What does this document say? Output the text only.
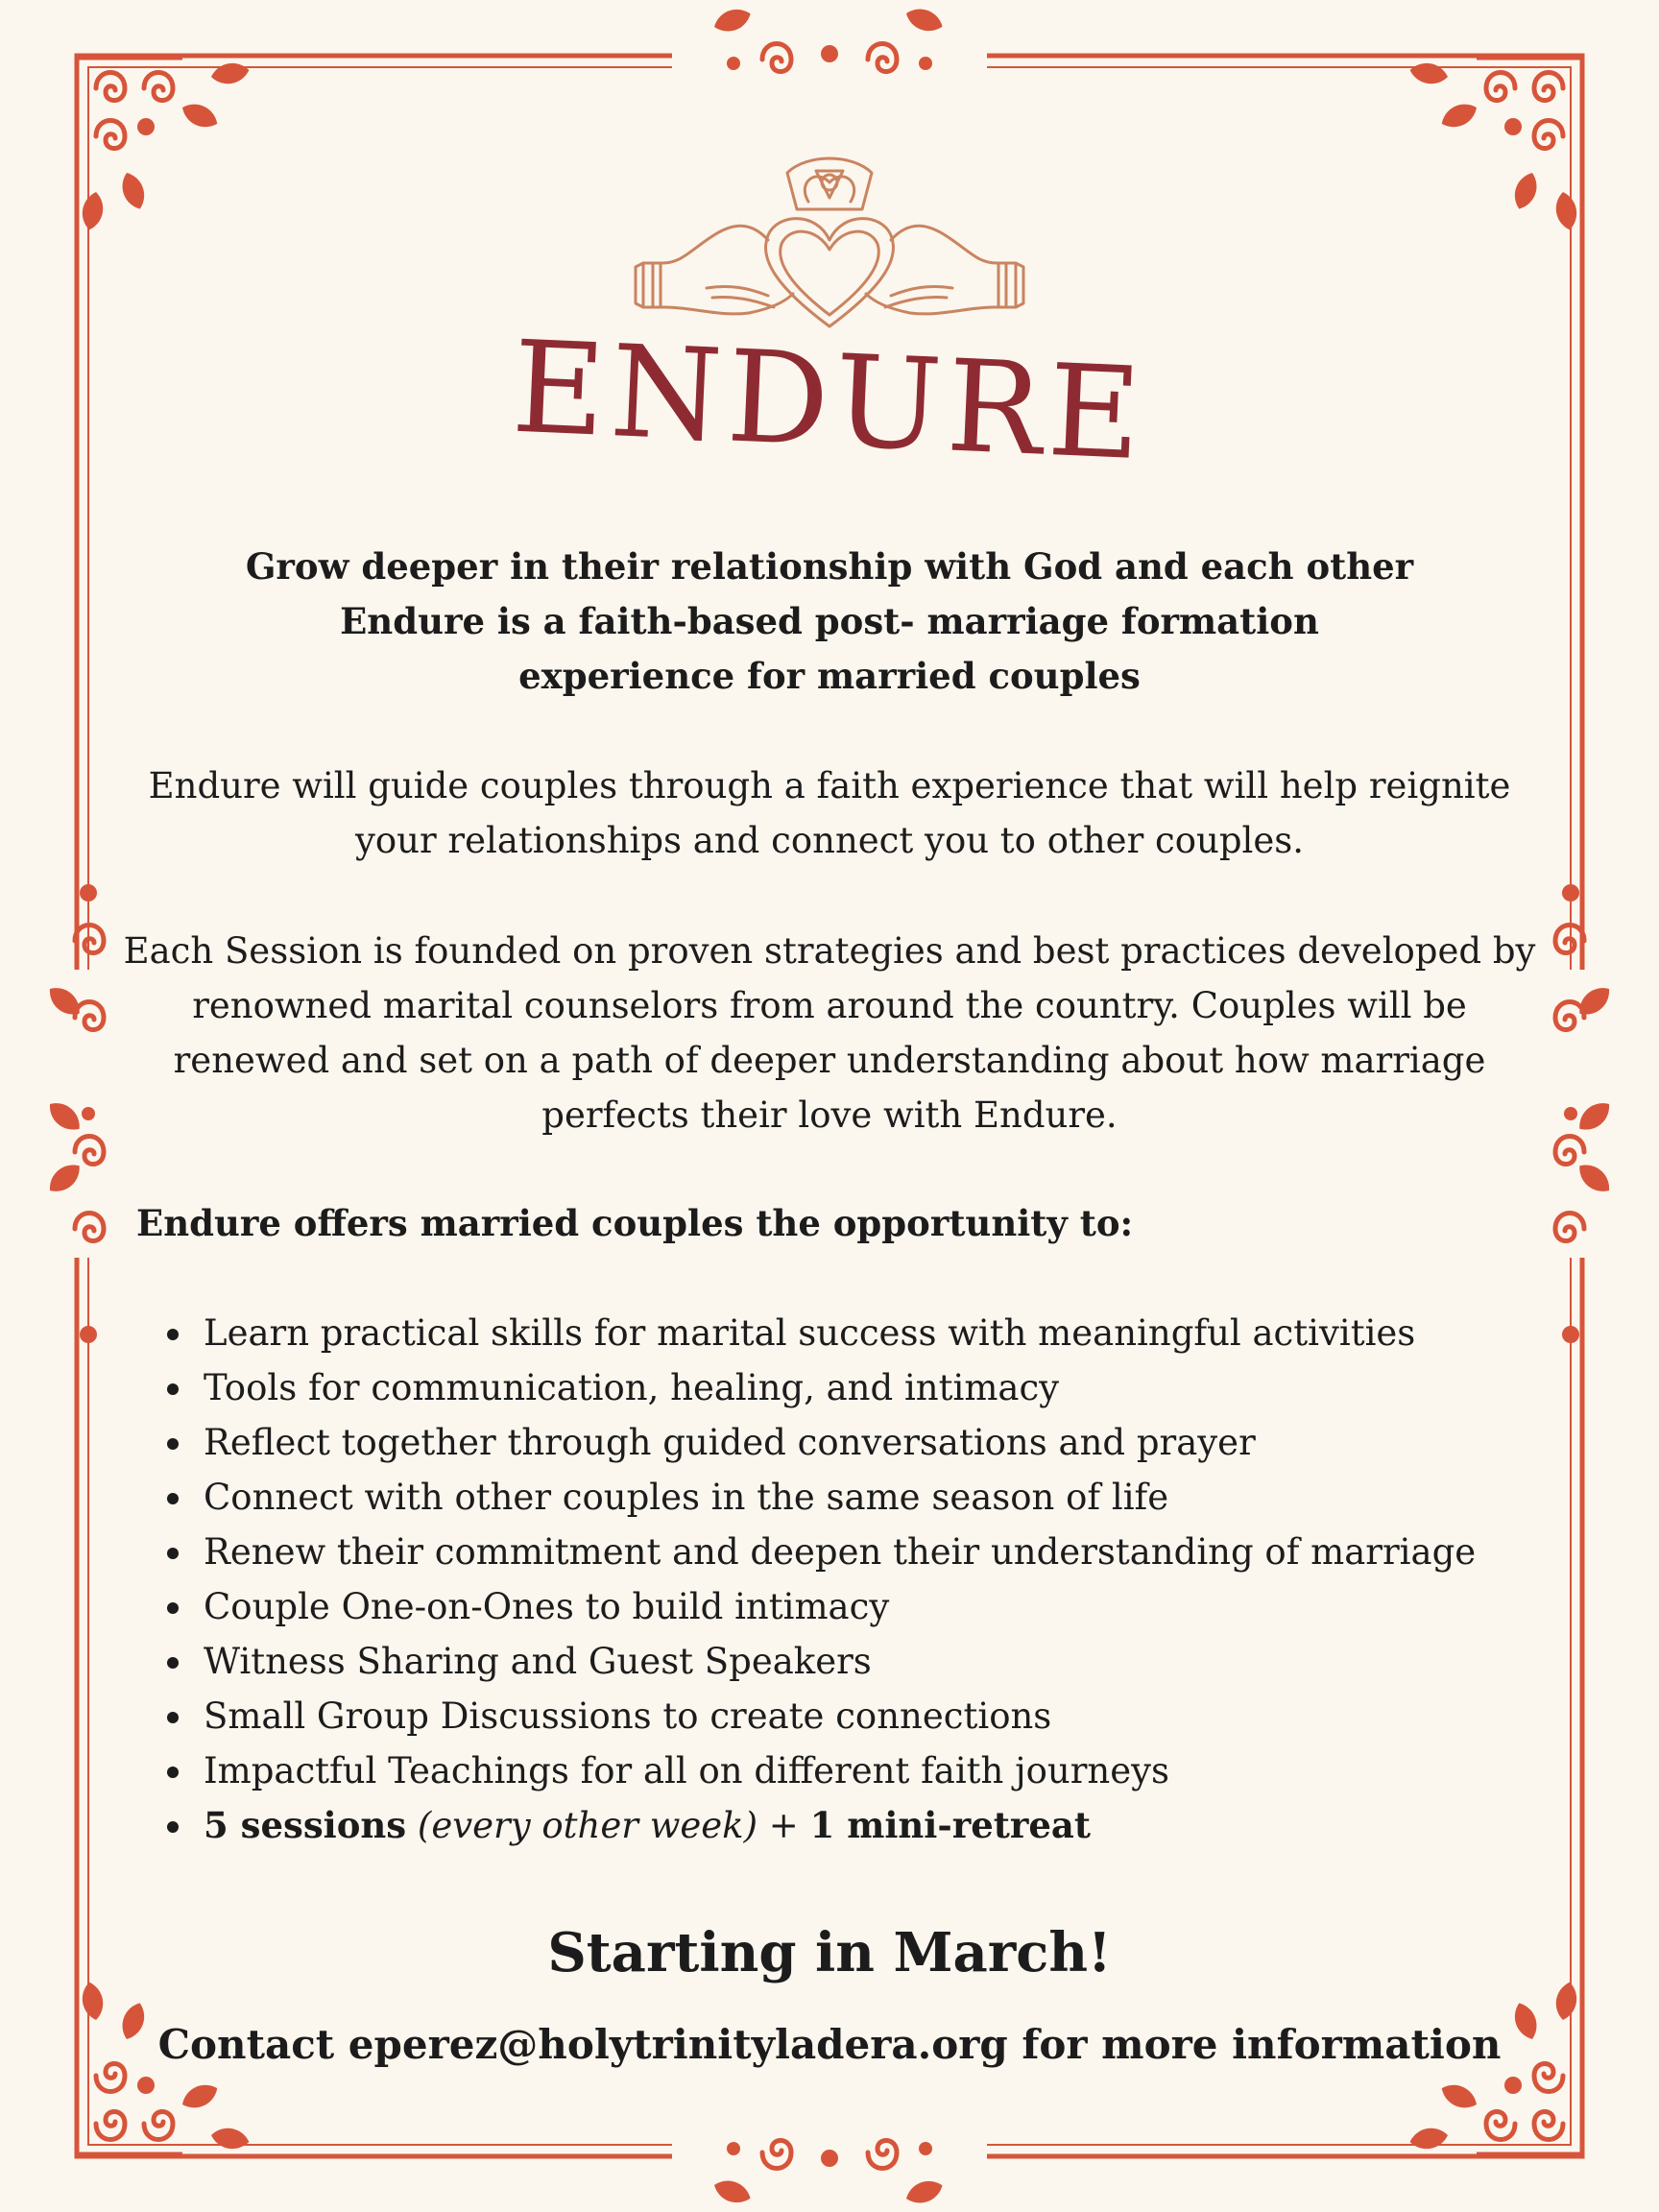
ENDURE
Grow deeper in their relationship with God and each other
Endure is a faith-based post- marriage formation
experience for married couples
Endure will guide couples through a faith experience that will help reignite
your relationships and connect you to other couples.
Each Session is founded on proven strategies and best practices developed by
renowned marital counselors from around the country. Couples will be
renewed and set on a path of deeper understanding about how marriage
perfects their love with Endure.
Endure offers married couples the opportunity to:
Learn practical skills for marital success with meaningful activities
Tools for communication, healing, and intimacy
Reflect together through guided conversations and prayer
Connect with other couples in the same season of life
Renew their commitment and deepen their understanding of marriage
Couple One-on-Ones to build intimacy
Witness Sharing and Guest Speakers
Small Group Discussions to create connections
Impactful Teachings for all on different faith journeys
5 sessions (every other week) + 1 mini-retreat
Starting in March!
Contact eperez@holytrinityladera.org for more information
